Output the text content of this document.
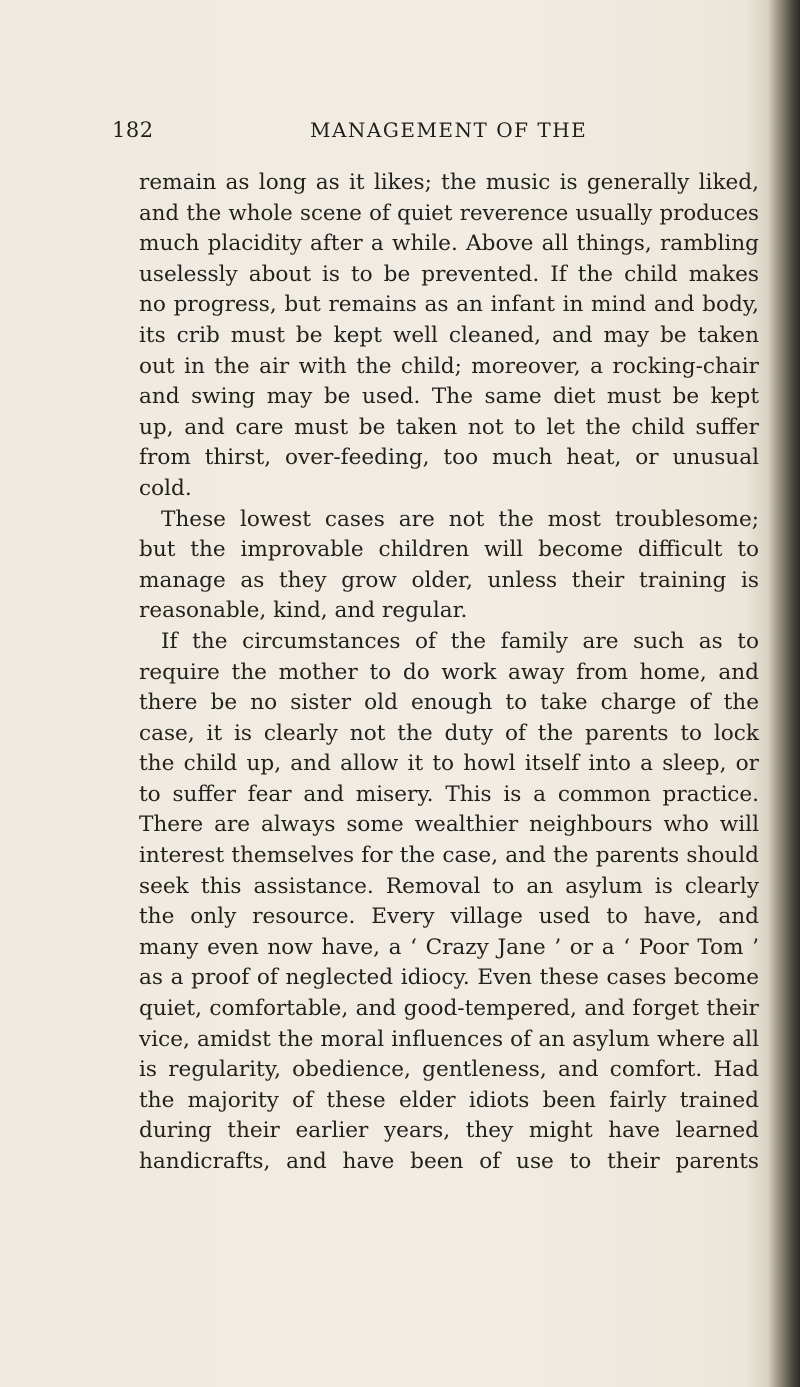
182	MANAGEMENT OF THE
remain as long as it likes; the music is generally liked,
and the whole scene of quiet reverence usually produces
much placidity after a while. Above all things, rambling
uselessly about is to be prevented. If the child makes
no progress, but remains as an infant in mind and body,
its crib must be kept well cleaned, and may be taken
out in the air with the child; moreover, a rocking-chair
and swing may be used. The same diet must be kept
up, and care must be taken not to let the child suffer
from thirst, over-feeding, too much heat, or unusual
cold.
These lowest cases are not the most troublesome;
but the improvable children will become difficult to
manage as they grow older, unless their training is
reasonable, kind, and regular.
If the circumstances of the family are such as to
require the mother to do work away from home, and
there be no sister old enough to take charge of the
case, it is clearly not the duty of the parents to lock
the child up, and allow it to howl itself into a sleep, or
to suffer fear and misery. This is a common practice.
There are always some wealthier neighbours who will
interest themselves for the case, and the parents should
seek this assistance. Removal to an asylum is clearly
the only resource. Every village used to have, and
many even now have, a ‘ Crazy Jane ’ or a ‘ Poor Tom ’
as a proof of neglected idiocy. Even these cases become
quiet, comfortable, and good-tempered, and forget their
vice, amidst the moral influences of an asylum where all
is regularity, obedience, gentleness, and comfort. Had
the majority of these elder idiots been fairly trained
during their earlier years, they might have learned
handicrafts, and have been of use to their parents
